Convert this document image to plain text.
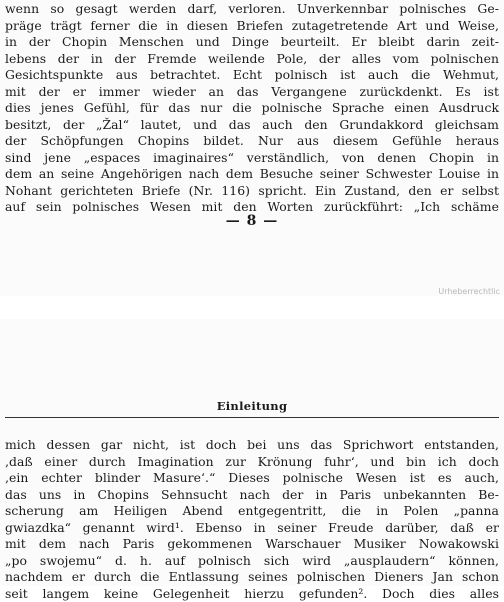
wenn so gesagt werden darf, verloren. Unverkennbar polnisches Ge-
präge trägt ferner die in diesen Briefen zutagetretende Art und Weise,
in der Chopin Menschen und Dinge beurteilt. Er bleibt darin zeit-
lebens der in der Fremde weilende Pole, der alles vom polnischen
Gesichtspunkte aus betrachtet. Echt polnisch ist auch die Wehmut,
mit der er immer wieder an das Vergangene zurückdenkt. Es ist
dies jenes Gefühl, für das nur die polnische Sprache einen Ausdruck
besitzt, der „Žal“ lautet, und das auch den Grundakkord gleichsam
der Schöpfungen Chopins bildet. Nur aus diesem Gefühle heraus
sind jene „espaces imaginaires“ verständlich, von denen Chopin in
dem an seine Angehörigen nach dem Besuche seiner Schwester Louise in
Nohant gerichteten Briefe (Nr. 116) spricht. Ein Zustand, den er selbst
auf sein polnisches Wesen mit den Worten zurückführt: „Ich schäme
— 8 —
Urheberrechtlic
Einleitung
mich dessen gar nicht, ist doch bei uns das Sprichwort entstanden,
‚daß einer durch Imagination zur Krönung fuhr‘, und bin ich doch
‚ein echter blinder Masure‘.“ Dieses polnische Wesen ist es auch,
das uns in Chopins Sehnsucht nach der in Paris unbekannten Be-
scherung am Heiligen Abend entgegentritt, die in Polen „panna
gwiazdka“ genannt wird¹. Ebenso in seiner Freude darüber, daß er
mit dem nach Paris gekommenen Warschauer Musiker Nowakowski
„po swojemu“ d. h. auf polnisch sich wird „ausplaudern“ können,
nachdem er durch die Entlassung seines polnischen Dieners Jan schon
seit langem keine Gelegenheit hierzu gefunden². Doch dies alles
